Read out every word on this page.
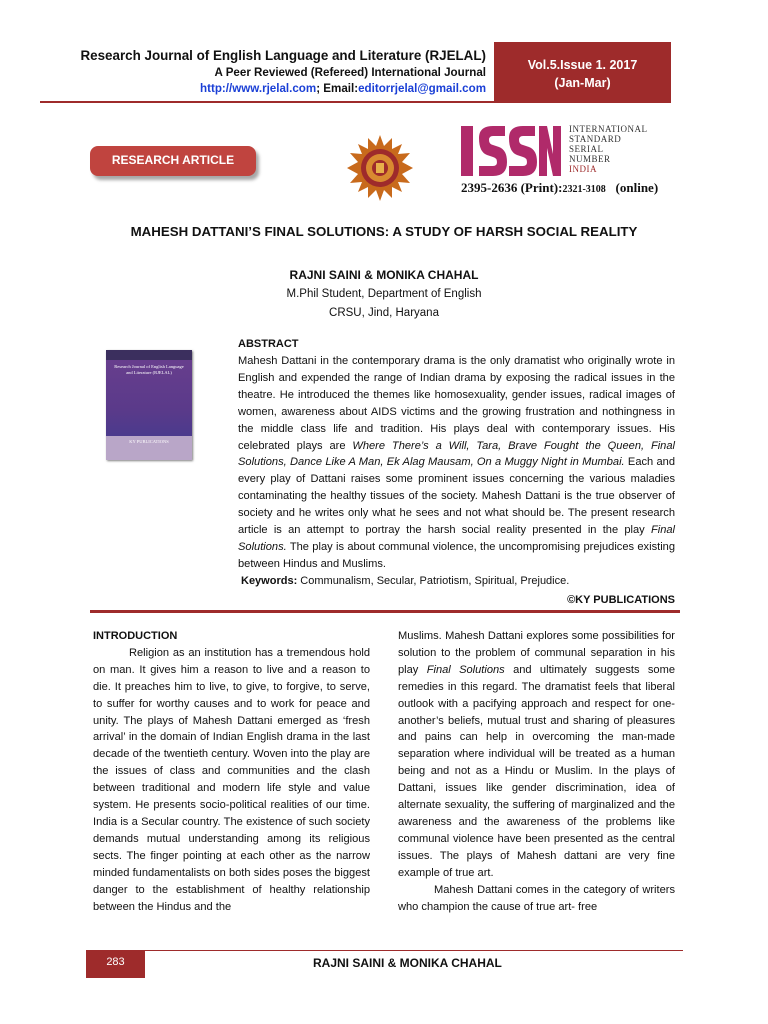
Research Journal of English Language and Literature (RJELAL)
A Peer Reviewed (Refereed) International Journal
http://www.rjelal.com; Email:editorrjelal@gmail.com
Vol.5.Issue 1. 2017
(Jan-Mar)
RESEARCH ARTICLE
INTERNATIONAL
STANDARD
SERIAL
NUMBER
INDIA
2395-2636 (Print):2321-3108 (online)
MAHESH DATTANI’S FINAL SOLUTIONS: A STUDY OF HARSH SOCIAL REALITY
RAJNI SAINI & MONIKA CHAHAL
M.Phil Student, Department of English
CRSU, Jind, Haryana
Research Journal of English Language and Literature (RJELAL)
KY PUBLICATIONS
ABSTRACT
Mahesh Dattani in the contemporary drama is the only dramatist who originally wrote in English and expended the range of Indian drama by exposing the radical issues in the theatre. He introduced the themes like homosexuality, gender issues, radical images of women, awareness about AIDS victims and the growing frustration and nothingness in the middle class life and tradition. His plays deal with contemporary issues. His celebrated plays are Where There’s a Will, Tara, Brave Fought the Queen, Final Solutions, Dance Like A Man, Ek Alag Mausam, On a Muggy Night in Mumbai. Each and every play of Dattani raises some prominent issues concerning the various maladies contaminating the healthy tissues of the society. Mahesh Dattani is the true observer of society and he writes only what he sees and not what should be. The present research article is an attempt to portray the harsh social reality presented in the play Final Solutions. The play is about communal violence, the uncompromising prejudices existing between Hindus and Muslims.
Keywords: Communalism, Secular, Patriotism, Spiritual, Prejudice.
©KY PUBLICATIONS

INTRODUCTION

Religion as an institution has a tremendous hold on man. It gives him a reason to live and a reason to die. It preaches him to live, to give, to forgive, to serve, to suffer for worthy causes and to work for peace and unity. The plays of Mahesh Dattani emerged as ‘fresh arrival’ in the domain of Indian English drama in the last decade of the twentieth century. Woven into the play are the issues of class and communities and the clash between traditional and modern life style and value system. He presents socio-political realities of our time. India is a Secular country. The existence of such society demands mutual understanding among its religious sects. The finger pointing at each other as the narrow minded fundamentalists on both sides poses the biggest danger to the establishment of healthy relationship between the Hindus and the

Muslims. Mahesh Dattani explores some possibilities for solution to the problem of communal separation in his play Final Solutions and ultimately suggests some remedies in this regard. The dramatist feels that liberal outlook with a pacifying approach and respect for one-another’s beliefs, mutual trust and sharing of pleasures and pains can help in overcoming the man-made separation where individual will be treated as a human being and not as a Hindu or Muslim. In the plays of Dattani, issues like gender discrimination, idea of alternate sexuality, the suffering of marginalized and the awareness and the awareness of the problems like communal violence have been presented as the central issues. The plays of Mahesh dattani are very fine example of true art.

Mahesh Dattani comes in the category of writers who champion the cause of true art- free

283	RAJNI SAINI & MONIKA CHAHAL
